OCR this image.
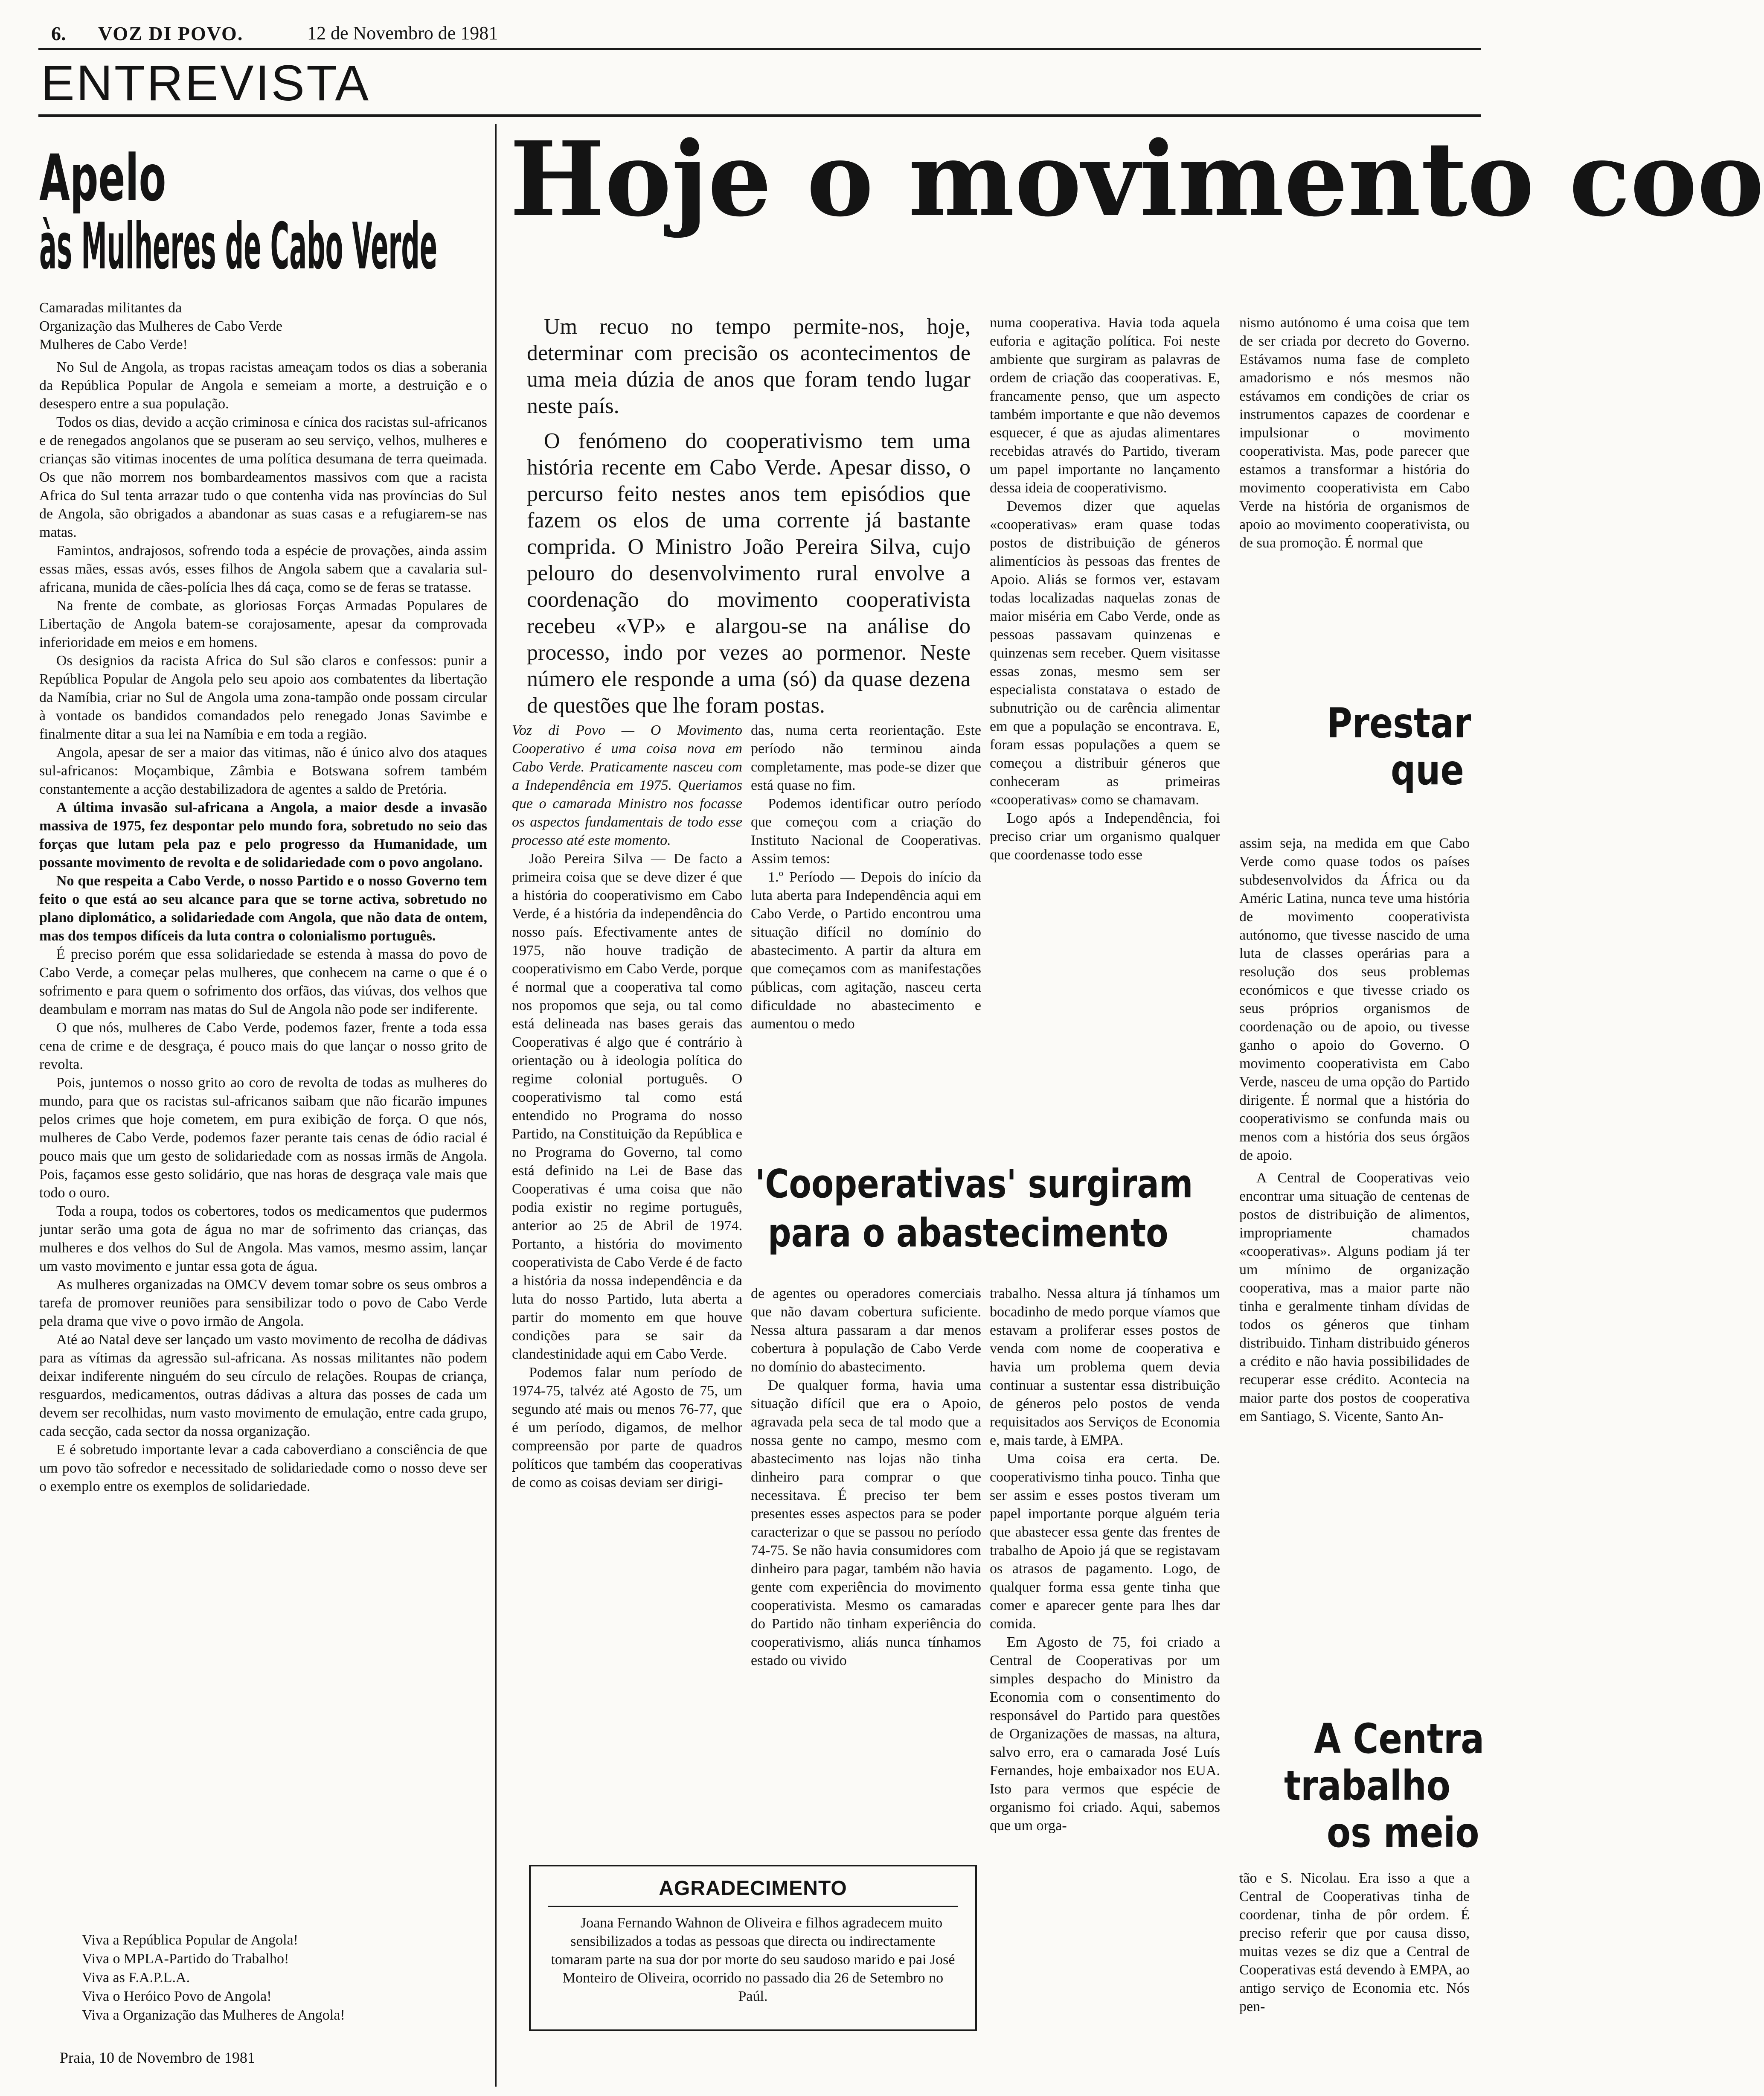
6. VOZ DI POVO.	12 de Novembro de 1981
ENTREVISTA
Apelo
às Mulheres de Cabo Verde

Camaradas militantes da

Organização das Mulheres de Cabo Verde

Mulheres de Cabo Verde!

No Sul de Angola, as tropas racistas ameaçam todos os dias a soberania da República Popular de Angola e semeiam a morte, a destruição e o desespero entre a sua população.

Todos os dias, devido a acção criminosa e cínica dos racistas sul-africanos e de renegados angolanos que se puseram ao seu serviço, velhos, mulheres e crianças são vitimas inocentes de uma política desumana de terra queimada. Os que não morrem nos bombardeamentos massivos com que a racista Africa do Sul tenta arrazar tudo o que contenha vida nas províncias do Sul de Angola, são obrigados a abandonar as suas casas e a refugiarem-se nas matas.

Famintos, andrajosos, sofrendo toda a espécie de provações, ainda assim essas mães, essas avós, esses filhos de Angola sabem que a cavalaria sul-africana, munida de cães-polícia lhes dá caça, como se de feras se tratasse.

Na frente de combate, as gloriosas Forças Armadas Populares de Libertação de Angola batem-se corajosamente, apesar da comprovada inferioridade em meios e em homens.

Os designios da racista Africa do Sul são claros e confessos: punir a República Popular de Angola pelo seu apoio aos combatentes da libertação da Namíbia, criar no Sul de Angola uma zona-tampão onde possam circular à vontade os bandidos comandados pelo renegado Jonas Savimbe e finalmente ditar a sua lei na Namíbia e em toda a região.

Angola, apesar de ser a maior das vitimas, não é único alvo dos ataques sul-africanos: Moçambique, Zâmbia e Botswana sofrem também constantemente a acção destabilizadora de agentes a saldo de Pretória.

A última invasão sul-africana a Angola, a maior desde a invasão massiva de 1975, fez despontar pelo mundo fora, sobretudo no seio das forças que lutam pela paz e pelo progresso da Humanidade, um possante movimento de revolta e de solidariedade com o povo angolano.

No que respeita a Cabo Verde, o nosso Partido e o nosso Governo tem feito o que está ao seu alcance para que se torne activa, sobretudo no plano diplomático, a solidariedade com Angola, que não data de ontem, mas dos tempos difíceis da luta contra o colonialismo português.

É preciso porém que essa solidariedade se estenda à massa do povo de Cabo Verde, a começar pelas mulheres, que conhecem na carne o que é o sofrimento e para quem o sofrimento dos orfãos, das viúvas, dos velhos que deambulam e morram nas matas do Sul de Angola não pode ser indiferente.

O que nós, mulheres de Cabo Verde, podemos fazer, frente a toda essa cena de crime e de desgraça, é pouco mais do que lançar o nosso grito de revolta.

Pois, juntemos o nosso grito ao coro de revolta de todas as mulheres do mundo, para que os racistas sul-africanos saibam que não ficarão impunes pelos crimes que hoje cometem, em pura exibição de força. O que nós, mulheres de Cabo Verde, podemos fazer perante tais cenas de ódio racial é pouco mais que um gesto de solidariedade com as nossas irmãs de Angola. Pois, façamos esse gesto solidário, que nas horas de desgraça vale mais que todo o ouro.

Toda a roupa, todos os cobertores, todos os medicamentos que pudermos juntar serão uma gota de água no mar de sofrimento das crianças, das mulheres e dos velhos do Sul de Angola. Mas vamos, mesmo assim, lançar um vasto movimento e juntar essa gota de água.

As mulheres organizadas na OMCV devem tomar sobre os seus ombros a tarefa de promover reuniões para sensibilizar todo o povo de Cabo Verde pela drama que vive o povo irmão de Angola.

Até ao Natal deve ser lançado um vasto movimento de recolha de dádivas para as vítimas da agressão sul-africana. As nossas militantes não podem deixar indiferente ninguém do seu círculo de relações. Roupas de criança, resguardos, medicamentos, outras dádivas a altura das posses de cada um devem ser recolhidas, num vasto movimento de emulação, entre cada grupo, cada secção, cada sector da nossa organização.

E é sobretudo importante levar a cada caboverdiano a consciência de que um povo tão sofredor e necessitado de solidariedade como o nosso deve ser o exemplo entre os exemplos de solidariedade.

Viva a República Popular de Angola!

Viva o MPLA-Partido do Trabalho!

Viva as F.A.P.L.A.

Viva o Heróico Povo de Angola!

Viva a Organização das Mulheres de Angola!

Praia, 10 de Novembro de 1981
Hoje o movimento coo

Um recuo no tempo permite-nos, hoje, determinar com precisão os acontecimentos de uma meia dúzia de anos que foram tendo lugar neste país.

O fenómeno do cooperativismo tem uma história recente em Cabo Verde. Apesar disso, o percurso feito nestes anos tem episódios que fazem os elos de uma corrente já bastante comprida. O Ministro João Pereira Silva, cujo pelouro do desenvolvimento rural envolve a coordenação do movimento cooperativista recebeu «VP» e alargou-se na análise do processo, indo por vezes ao pormenor. Neste número ele responde a uma (só) da quase dezena de questões que lhe foram postas.

Voz di Povo — O Movimento Cooperativo é uma coisa nova em Cabo Verde. Praticamente nasceu com a Independência em 1975. Queriamos que o camarada Ministro nos focasse os aspectos fundamentais de todo esse processo até este momento.

João Pereira Silva — De facto a primeira coisa que se deve dizer é que a história do cooperativismo em Cabo Verde, é a história da independência do nosso país. Efectivamente antes de 1975, não houve tradição de cooperativismo em Cabo Verde, porque é normal que a cooperativa tal como nos propomos que seja, ou tal como está delineada nas bases gerais das Cooperativas é algo que é contrário à orientação ou à ideologia política do regime colonial português. O cooperativismo tal como está entendido no Programa do nosso Partido, na Constituição da República e no Programa do Governo, tal como está definido na Lei de Base das Cooperativas é uma coisa que não podia existir no regime português, anterior ao 25 de Abril de 1974. Portanto, a história do movimento cooperativista de Cabo Verde é de facto a história da nossa independência e da luta do nosso Partido, luta aberta a partir do momento em que houve condições para se sair da clandestinidade aqui em Cabo Verde.

Podemos falar num período de 1974-75, talvéz até Agosto de 75, um segundo até mais ou menos 76-77, que é um período, digamos, de melhor compreensão por parte de quadros políticos que também das cooperativas de como as coisas deviam ser dirigi-

das, numa certa reorientação. Este período não terminou ainda completamente, mas pode-se dizer que está quase no fim.

Podemos identificar outro período que começou com a criação do Instituto Nacional de Cooperativas. Assim temos:

1.º Período — Depois do início da luta aberta para Independência aqui em Cabo Verde, o Partido encontrou uma situação difícil no domínio do abastecimento. A partir da altura em que começamos com as manifestações públicas, com agitação, nasceu certa dificuldade no abastecimento e aumentou o medo

numa cooperativa. Havia toda aquela euforia e agitação política. Foi neste ambiente que surgiram as palavras de ordem de criação das cooperativas. E, francamente penso, que um aspecto também importante e que não devemos esquecer, é que as ajudas alimentares recebidas através do Partido, tiveram um papel importante no lançamento dessa ideia de cooperativismo.

Devemos dizer que aquelas «cooperativas» eram quase todas postos de distribuição de géneros alimentícios às pessoas das frentes de Apoio. Aliás se formos ver, estavam todas localizadas naquelas zonas de maior miséria em Cabo Verde, onde as pessoas passavam quinzenas e quinzenas sem receber. Quem visitasse essas zonas, mesmo sem ser especialista constatava o estado de subnutrição ou de carência alimentar em que a população se encontrava. E, foram essas populações a quem se começou a distribuir géneros que conheceram as primeiras «cooperativas» como se chamavam.

Logo após a Independência, foi preciso criar um organismo qualquer que coordenasse todo esse

'Cooperativas' surgiram
para o abastecimento

de agentes ou operadores comerciais que não davam cobertura suficiente. Nessa altura passaram a dar menos cobertura à população de Cabo Verde no domínio do abastecimento.

De qualquer forma, havia uma situação difícil que era o Apoio, agravada pela seca de tal modo que a nossa gente no campo, mesmo com abastecimento nas lojas não tinha dinheiro para comprar o que necessitava. É preciso ter bem presentes esses aspectos para se poder caracterizar o que se passou no período 74-75. Se não havia consumidores com dinheiro para pagar, também não havia gente com experiência do movimento cooperativista. Mesmo os camaradas do Partido não tinham experiência do cooperativismo, aliás nunca tínhamos estado ou vivido

trabalho. Nessa altura já tínhamos um bocadinho de medo porque víamos que estavam a proliferar esses postos de venda com nome de cooperativa e havia um problema quem devia continuar a sustentar essa distribuição de géneros pelo postos de venda requisitados aos Serviços de Economia e, mais tarde, à EMPA.

Uma coisa era certa. De. cooperativismo tinha pouco. Tinha que ser assim e esses postos tiveram um papel importante porque alguém teria que abastecer essa gente das frentes de trabalho de Apoio já que se registavam os atrasos de pagamento. Logo, de qualquer forma essa gente tinha que comer e aparecer gente para lhes dar comida.

Em Agosto de 75, foi criado a Central de Cooperativas por um simples despacho do Ministro da Economia com o consentimento do responsável do Partido para questões de Organizações de massas, na altura, salvo erro, era o camarada José Luís Fernandes, hoje embaixador nos EUA. Isto para vermos que espécie de organismo foi criado. Aqui, sabemos que um orga-

nismo autónomo é uma coisa que tem de ser criada por decreto do Governo. Estávamos numa fase de completo amadorismo e nós mesmos não estávamos em condições de criar os instrumentos capazes de coordenar e impulsionar o movimento cooperativista. Mas, pode parecer que estamos a transformar a história do movimento cooperativista em Cabo Verde na história de organismos de apoio ao movimento cooperativista, ou de sua promoção. É normal que

Prestar
que

assim seja, na medida em que Cabo Verde como quase todos os países subdesenvolvidos da África ou da Améric Latina, nunca teve uma história de movimento cooperativista autónomo, que tivesse nascido de uma luta de classes operárias para a resolução dos seus problemas económicos e que tivesse criado os seus próprios organismos de coordenação ou de apoio, ou tivesse ganho o apoio do Governo. O movimento cooperativista em Cabo Verde, nasceu de uma opção do Partido dirigente. É normal que a história do cooperativismo se confunda mais ou menos com a história dos seus órgãos de apoio.

A Central de Cooperativas veio encontrar uma situação de centenas de postos de distribuição de alimentos, impropriamente chamados «cooperativas». Alguns podiam já ter um mínimo de organização cooperativa, mas a maior parte não tinha e geralmente tinham dívidas de todos os géneros que tinham distribuido. Tinham distribuido géneros a crédito e não havia possibilidades de recuperar esse crédito. Acontecia na maior parte dos postos de cooperativa em Santiago, S. Vicente, Santo An-

A Centra
trabalho
os meio

tão e S. Nicolau. Era isso a que a Central de Cooperativas tinha de coordenar, tinha de pôr ordem. É preciso referir que por causa disso, muitas vezes se diz que a Central de Cooperativas está devendo à EMPA, ao antigo serviço de Economia etc. Nós pen-

AGRADECIMENTO

Joana Fernando Wahnon de Oliveira e filhos agradecem muito sensibilizados a todas as pessoas que directa ou indirectamente tomaram parte na sua dor por morte do seu saudoso marido e pai José Monteiro de Oliveira, ocorrido no passado dia 26 de Setembro no Paúl.
